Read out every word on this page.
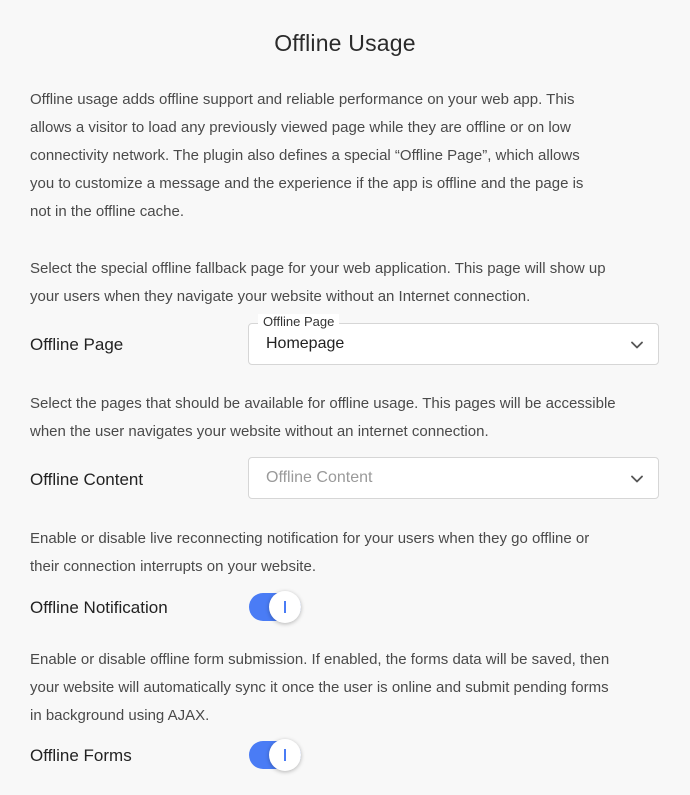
Offline Usage
Offline usage adds offline support and reliable performance on your web app. This
allows a visitor to load any previously viewed page while they are offline or on low
connectivity network. The plugin also defines a special “Offline Page”, which allows
you to customize a message and the experience if the app is offline and the page is
not in the offline cache.
Select the special offline fallback page for your web application. This page will show up
your users when they navigate your website without an Internet connection.
Offline Page
Offline Page
Homepage
Select the pages that should be available for offline usage. This pages will be accessible
when the user navigates your website without an internet connection.
Offline Content	Offline Content
Enable or disable live reconnecting notification for your users when they go offline or
their connection interrupts on your website.
Offline Notification
Enable or disable offline form submission. If enabled, the forms data will be saved, then
your website will automatically sync it once the user is online and submit pending forms
in background using AJAX.
Offline Forms
